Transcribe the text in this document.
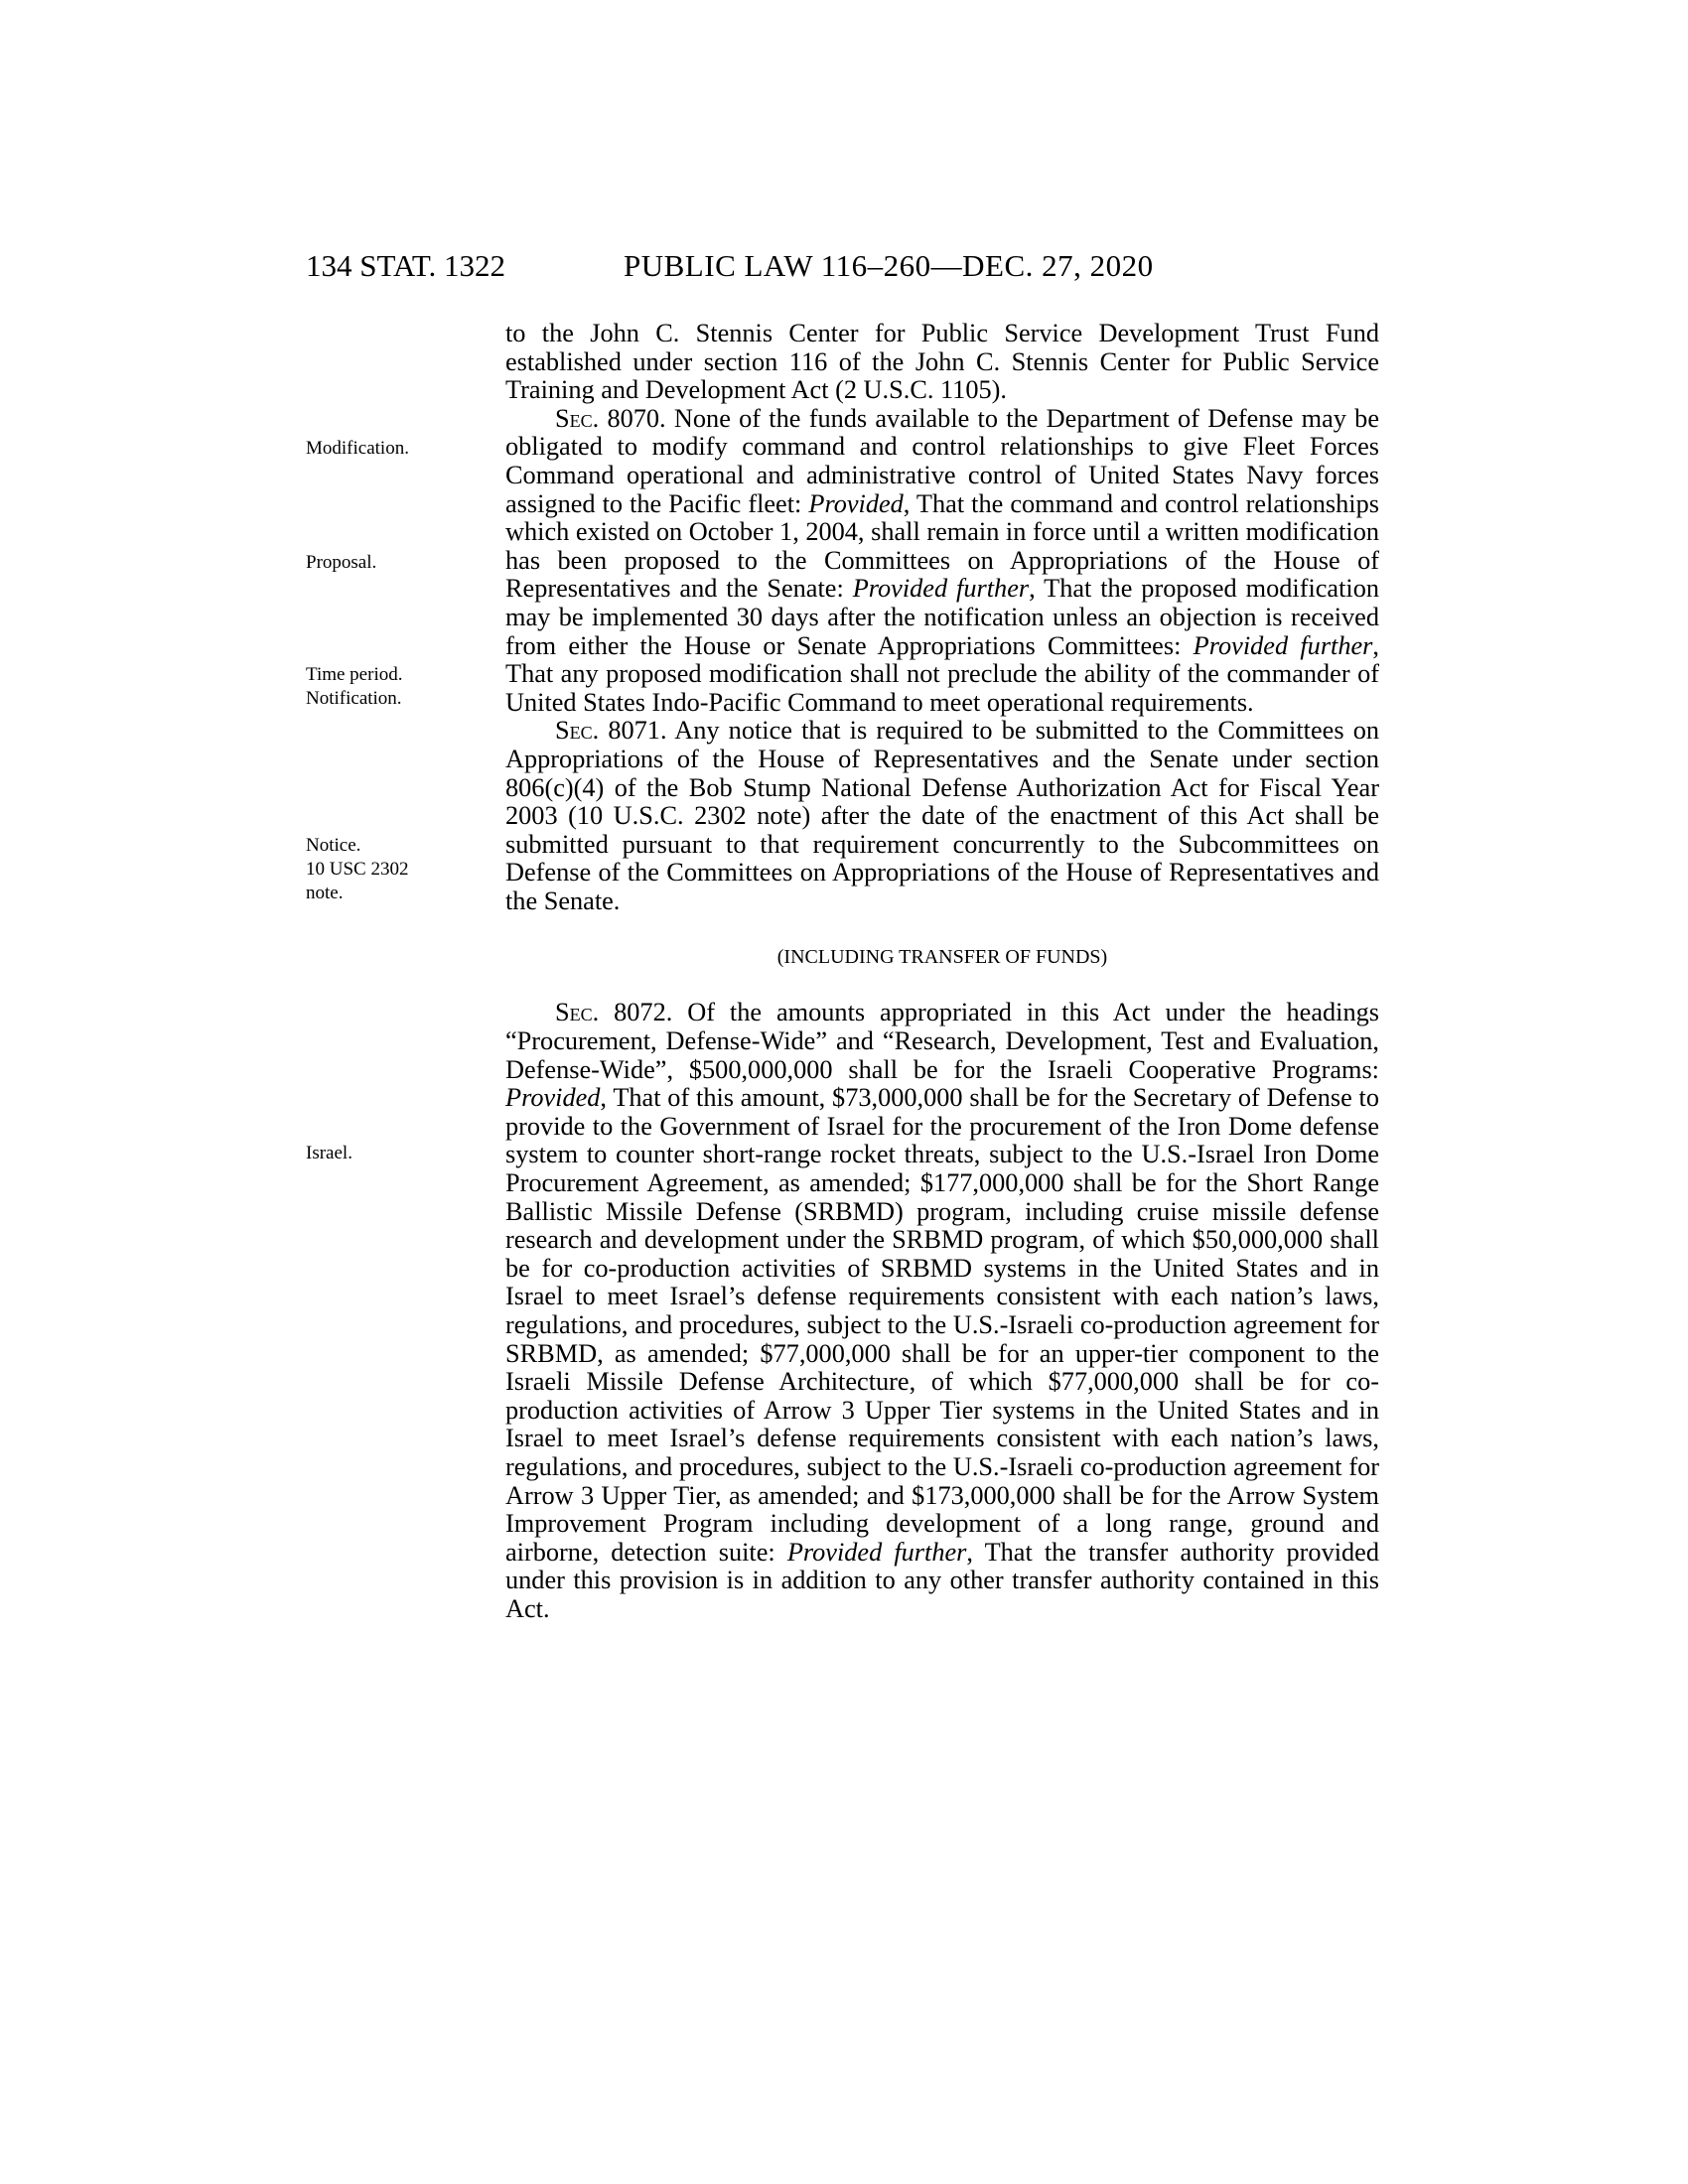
134 STAT. 1322	PUBLIC LAW 116–260—DEC. 27, 2020
Modification.
Proposal.
Time period.
Notification.
Notice.
10 USC 2302
note.
Israel.

to the John C. Stennis Center for Public Service Development Trust Fund established under section 116 of the John C. Stennis Center for Public Service Training and Development Act (2 U.S.C. 1105).

Sec. 8070. None of the funds available to the Department of Defense may be obligated to modify command and control relationships to give Fleet Forces Command operational and administrative control of United States Navy forces assigned to the Pacific fleet: Provided, That the command and control relationships which existed on October 1, 2004, shall remain in force until a written modification has been proposed to the Committees on Appropriations of the House of Representatives and the Senate: Provided further, That the proposed modification may be implemented 30 days after the notification unless an objection is received from either the House or Senate Appropriations Committees: Provided further, That any proposed modification shall not preclude the ability of the commander of United States Indo-Pacific Command to meet operational requirements.

Sec. 8071. Any notice that is required to be submitted to the Committees on Appropriations of the House of Representatives and the Senate under section 806(c)(4) of the Bob Stump National Defense Authorization Act for Fiscal Year 2003 (10 U.S.C. 2302 note) after the date of the enactment of this Act shall be submitted pursuant to that requirement concurrently to the Subcommittees on Defense of the Committees on Appropriations of the House of Representatives and the Senate.

(INCLUDING TRANSFER OF FUNDS)

Sec. 8072. Of the amounts appropriated in this Act under the headings “Procurement, Defense-Wide” and “Research, Development, Test and Evaluation, Defense-Wide”, $500,000,000 shall be for the Israeli Cooperative Programs: Provided, That of this amount, $73,000,000 shall be for the Secretary of Defense to provide to the Government of Israel for the procurement of the Iron Dome defense system to counter short-range rocket threats, subject to the U.S.-Israel Iron Dome Procurement Agreement, as amended; $177,000,000 shall be for the Short Range Ballistic Missile Defense (SRBMD) program, including cruise missile defense research and development under the SRBMD program, of which $50,000,000 shall be for co-production activities of SRBMD systems in the United States and in Israel to meet Israel’s defense requirements consistent with each nation’s laws, regulations, and procedures, subject to the U.S.-Israeli co-production agreement for SRBMD, as amended; $77,000,000 shall be for an upper-tier component to the Israeli Missile Defense Architecture, of which $77,000,000 shall be for co-production activities of Arrow 3 Upper Tier systems in the United States and in Israel to meet Israel’s defense requirements consistent with each nation’s laws, regulations, and procedures, subject to the U.S.-Israeli co-production agreement for Arrow 3 Upper Tier, as amended; and $173,000,000 shall be for the Arrow System Improvement Program including development of a long range, ground and airborne, detection suite: Provided further, That the transfer authority provided under this provision is in addition to any other transfer authority contained in this Act.
